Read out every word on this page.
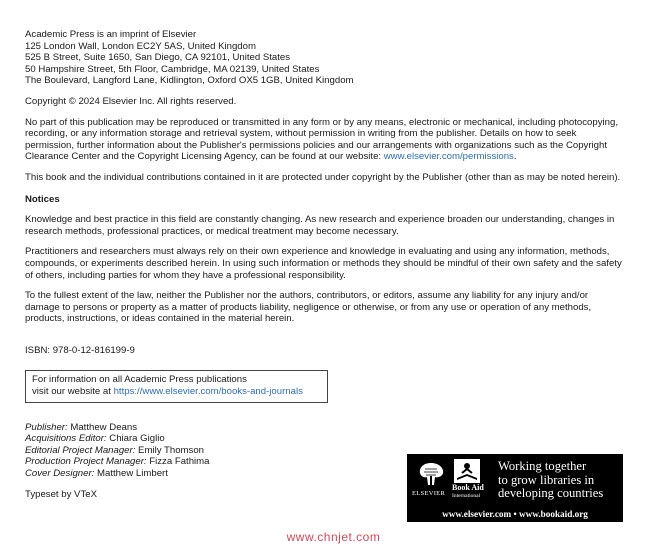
Academic Press is an imprint of Elsevier
125 London Wall, London EC2Y 5AS, United Kingdom
525 B Street, Suite 1650, San Diego, CA 92101, United States
50 Hampshire Street, 5th Floor, Cambridge, MA 02139, United States
The Boulevard, Langford Lane, Kidlington, Oxford OX5 1GB, United Kingdom

Copyright © 2024 Elsevier Inc. All rights reserved.

No part of this publication may be reproduced or transmitted in any form or by any means, electronic or mechanical, including photocopying, recording, or any information storage and retrieval system, without permission in writing from the publisher. Details on how to seek permission, further information about the Publisher's permissions policies and our arrangements with organizations such as the Copyright Clearance Center and the Copyright Licensing Agency, can be found at our website: www.elsevier.com/permissions.

This book and the individual contributions contained in it are protected under copyright by the Publisher (other than as may be noted herein).

Notices

Knowledge and best practice in this field are constantly changing. As new research and experience broaden our understanding, changes in research methods, professional practices, or medical treatment may become necessary.

Practitioners and researchers must always rely on their own experience and knowledge in evaluating and using any information, methods, compounds, or experiments described herein. In using such information or methods they should be mindful of their own safety and the safety of others, including parties for whom they have a professional responsibility.

To the fullest extent of the law, neither the Publisher nor the authors, contributors, or editors, assume any liability for any injury and/or damage to persons or property as a matter of products liability, negligence or otherwise, or from any use or operation of any methods, products, instructions, or ideas contained in the material herein.

ISBN: 978-0-12-816199-9

For information on all Academic Press publications
visit our website at https://www.elsevier.com/books-and-journals
Publisher: Matthew Deans
Acquisitions Editor: Chiara Giglio
Editorial Project Manager: Emily Thomson
Production Project Manager: Fizza Fathima
Cover Designer: Matthew Limbert

Typeset by VTeX	ELSEVIER
Book Aid
International
Working together
to grow libraries in
developing countries
www.elsevier.com • www.bookaid.org
www.chnjet.com
